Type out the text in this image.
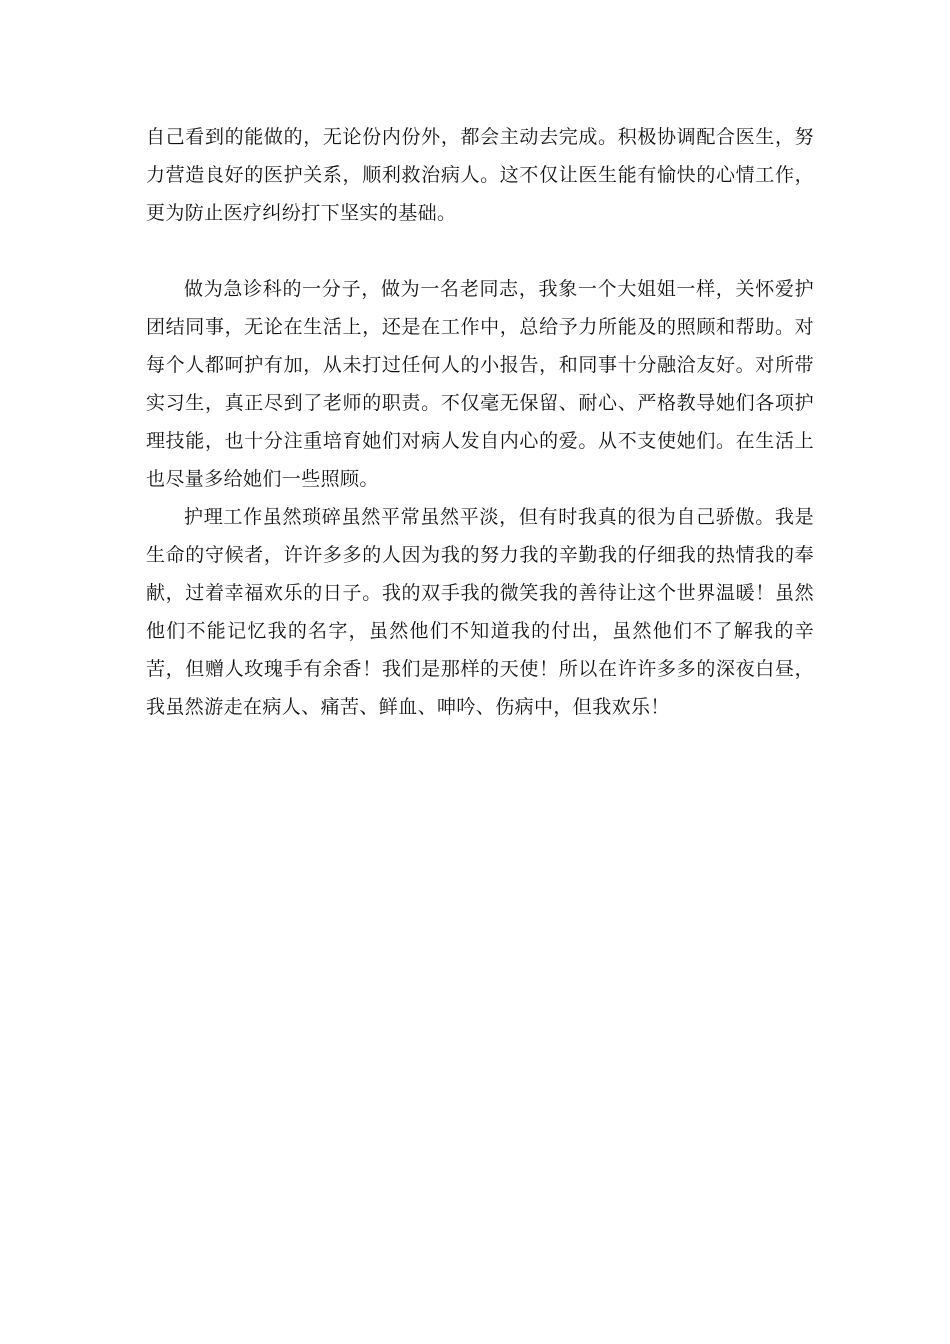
自己看到的能做的，无论份内份外，都会主动去完成。积极协调配合医生，努力营造良好的医护关系，顺利救治病人。这不仅让医生能有愉快的心情工作，更为防止医疗纠纷打下坚实的基础。

做为急诊科的一分子，做为一名老同志，我象一个大姐姐一样，关怀爱护团结同事，无论在生活上，还是在工作中，总给予力所能及的照顾和帮助。对每个人都呵护有加，从未打过任何人的小报告，和同事十分融洽友好。对所带实习生，真正尽到了老师的职责。不仅毫无保留、耐心、严格教导她们各项护理技能，也十分注重培育她们对病人发自内心的爱。从不支使她们。在生活上也尽量多给她们一些照顾。

护理工作虽然琐碎虽然平常虽然平淡，但有时我真的很为自己骄傲。我是生命的守候者，许许多多的人因为我的努力我的辛勤我的仔细我的热情我的奉献，过着幸福欢乐的日子。我的双手我的微笑我的善待让这个世界温暖！虽然他们不能记忆我的名字，虽然他们不知道我的付出，虽然他们不了解我的辛苦，但赠人玫瑰手有余香！我们是那样的天使！所以在许许多多的深夜白昼，我虽然游走在病人、痛苦、鲜血、呻吟、伤病中，但我欢乐！
